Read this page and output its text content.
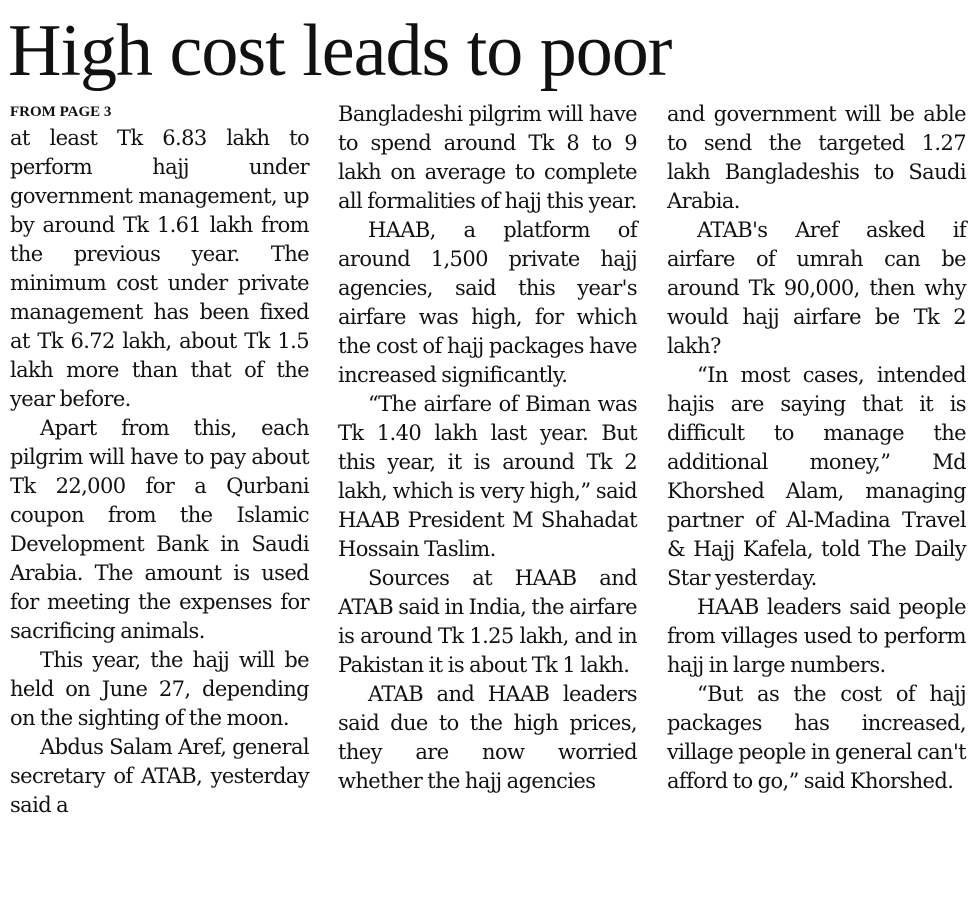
High cost leads to poor
FROM PAGE 3

at least Tk 6.83 lakh to perform hajj under government management, up by around Tk 1.61 lakh from the previous year. The minimum cost under private management has been fixed at Tk 6.72 lakh, about Tk 1.5 lakh more than that of the year before.

Apart from this, each pilgrim will have to pay about Tk 22,000 for a Qurbani coupon from the Islamic Development Bank in Saudi Arabia. The amount is used for meeting the expenses for sacrificing animals.

This year, the hajj will be held on June 27, depending on the sighting of the moon.

Abdus Salam Aref, general secretary of ATAB, yesterday said a

Bangladeshi pilgrim will have to spend around Tk 8 to 9 lakh on average to complete all formalities of hajj this year.

HAAB, a platform of around 1,500 private hajj agencies, said this year's airfare was high, for which the cost of hajj packages have increased significantly.

“The airfare of Biman was Tk 1.40 lakh last year. But this year, it is around Tk 2 lakh, which is very high,” said HAAB President M Shahadat Hossain Taslim.

Sources at HAAB and ATAB said in India, the airfare is around Tk 1.25 lakh, and in Pakistan it is about Tk 1 lakh.

ATAB and HAAB leaders said due to the high prices, they are now worried whether the hajj agencies

and government will be able to send the targeted 1.27 lakh Bangladeshis to Saudi Arabia.

ATAB's Aref asked if airfare of umrah can be around Tk 90,000, then why would hajj airfare be Tk 2 lakh?

“In most cases, intended hajis are saying that it is difficult to manage the additional money,” Md Khorshed Alam, managing partner of Al-Madina Travel & Hajj Kafela, told The Daily Star yesterday.

HAAB leaders said people from villages used to perform hajj in large numbers.

“But as the cost of hajj packages has increased, village people in general can't afford to go,” said Khorshed.
